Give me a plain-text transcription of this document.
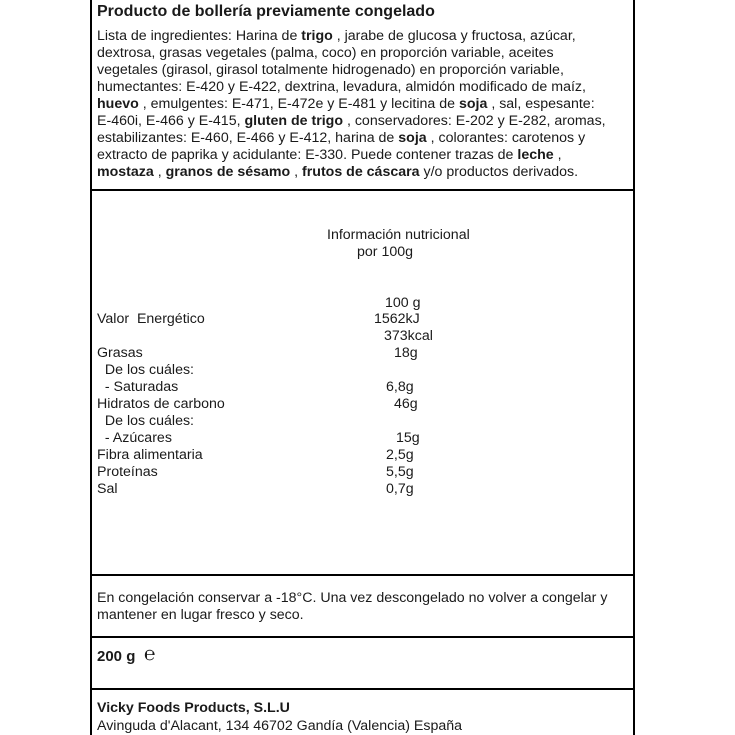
Producto de bollería previamente congelado
Lista de ingredientes: Harina de trigo , jarabe de glucosa y fructosa, azúcar,
dextrosa, grasas vegetales (palma, coco) en proporción variable, aceites
vegetales (girasol, girasol totalmente hidrogenado) en proporción variable,
humectantes: E-420 y E-422, dextrina, levadura, almidón modificado de maíz,
huevo , emulgentes: E-471, E-472e y E-481 y lecitina de soja , sal, espesante:
E-460i, E-466 y E-415, gluten de trigo , conservadores: E-202 y E-282, aromas,
estabilizantes: E-460, E-466 y E-412, harina de soja , colorantes: carotenos y
extracto de paprika y acidulante: E-330. Puede contener trazas de leche ,
mostaza , granos de sésamo , frutos de cáscara y/o productos derivados.
Información nutricional
por 100g
100 g
Valor  Energético	1562kJ
373kcal
Grasas	18g
De los cuáles:
- Saturadas	6,8g
Hidratos de carbono	46g
De los cuáles:
- Azúcares	15g
Fibra alimentaria	2,5g
Proteínas	5,5g
Sal	0,7g
En congelación conservar a -18°C. Una vez descongelado no volver a congelar y
mantener en lugar fresco y seco.
200 g ℮
Vicky Foods Products, S.L.U
Avinguda d'Alacant, 134 46702 Gandía (Valencia) España
